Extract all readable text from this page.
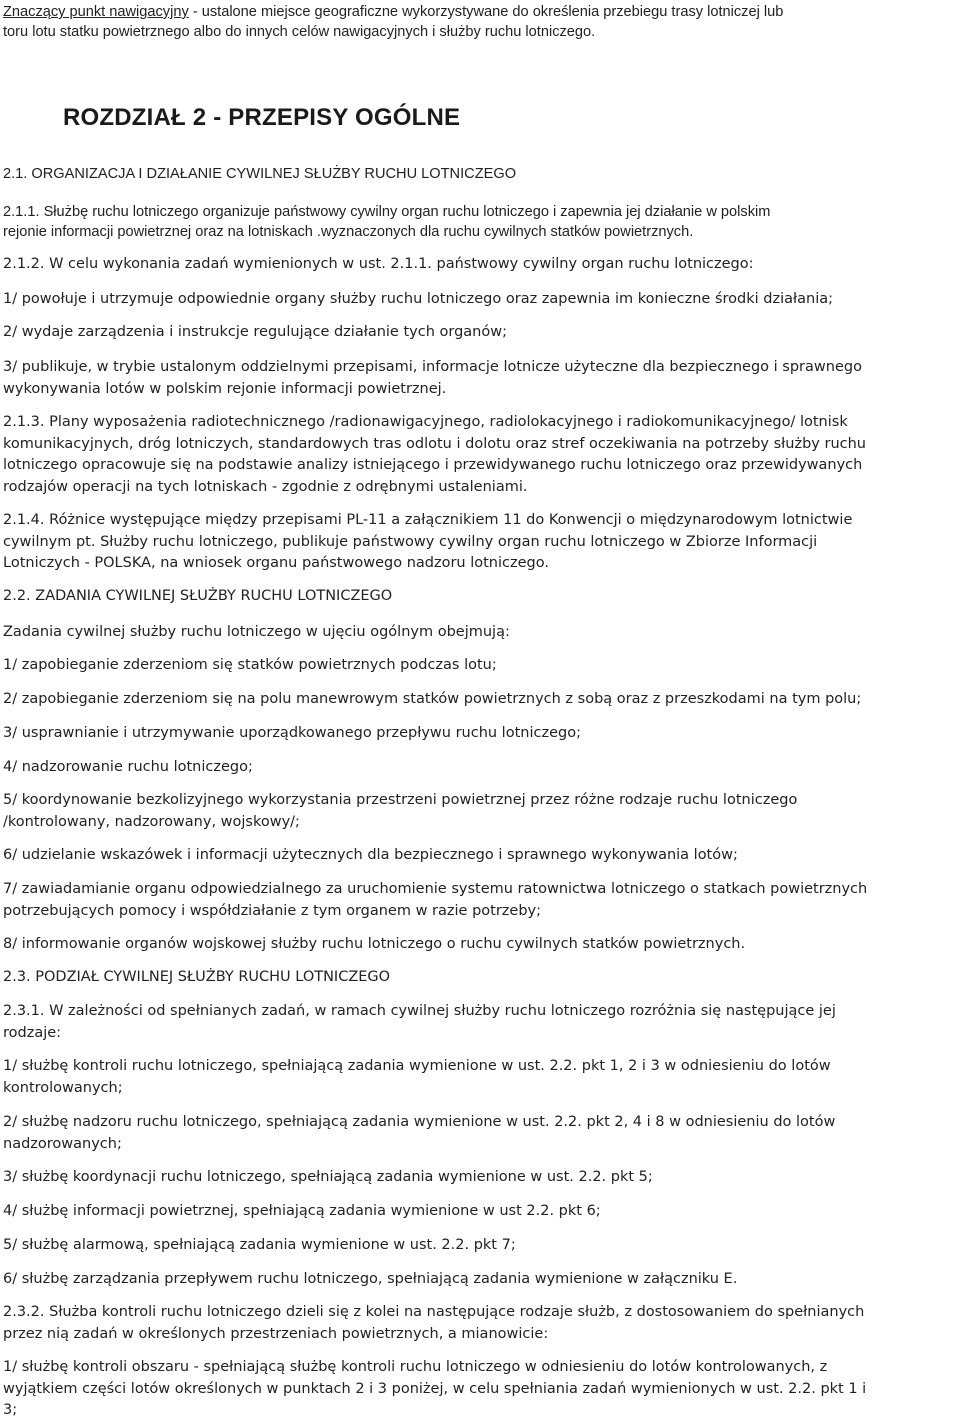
Znaczący punkt nawigacyjny - ustalone miejsce geograficzne wykorzystywane do określenia przebiegu trasy lotniczej lub
toru lotu statku powietrznego albo do innych celów nawigacyjnych i służby ruchu lotniczego.

ROZDZIAŁ 2 - PRZEPISY OGÓLNE

2.1. ORGANIZACJA I DZIAŁANIE CYWILNEJ SŁUŻBY RUCHU LOTNICZEGO

2.1.1. Służbę ruchu lotniczego organizuje państwowy cywilny organ ruchu lotniczego i zapewnia jej działanie w polskim
rejonie informacji powietrznej oraz na lotniskach .wyznaczonych dla ruchu cywilnych statków powietrznych.

2.1.2. W celu wykonania zadań wymienionych w ust. 2.1.1. państwowy cywilny organ ruchu lotniczego:

1/ powołuje i utrzymuje odpowiednie organy służby ruchu lotniczego oraz zapewnia im konieczne środki działania;

2/ wydaje zarządzenia i instrukcje regulujące działanie tych organów;

3/ publikuje, w trybie ustalonym oddzielnymi przepisami, informacje lotnicze użyteczne dla bezpiecznego i sprawnego
wykonywania lotów w polskim rejonie informacji powietrznej.

2.1.3. Plany wyposażenia radiotechnicznego /radionawigacyjnego, radiolokacyjnego i radiokomunikacyjnego/ lotnisk
komunikacyjnych, dróg lotniczych, standardowych tras odlotu i dolotu oraz stref oczekiwania na potrzeby służby ruchu
lotniczego opracowuje się na podstawie analizy istniejącego i przewidywanego ruchu lotniczego oraz przewidywanych
rodzajów operacji na tych lotniskach - zgodnie z odrębnymi ustaleniami.

2.1.4. Różnice występujące między przepisami PL-11 a załącznikiem 11 do Konwencji o międzynarodowym lotnictwie
cywilnym pt. Służby ruchu lotniczego, publikuje państwowy cywilny organ ruchu lotniczego w Zbiorze Informacji
Lotniczych - POLSKA, na wniosek organu państwowego nadzoru lotniczego.

2.2. ZADANIA CYWILNEJ SŁUŻBY RUCHU LOTNICZEGO

Zadania cywilnej służby ruchu lotniczego w ujęciu ogólnym obejmują:

1/ zapobieganie zderzeniom się statków powietrznych podczas lotu;

2/ zapobieganie zderzeniom się na polu manewrowym statków powietrznych z sobą oraz z przeszkodami na tym polu;

3/ usprawnianie i utrzymywanie uporządkowanego przepływu ruchu lotniczego;

4/ nadzorowanie ruchu lotniczego;

5/ koordynowanie bezkolizyjnego wykorzystania przestrzeni powietrznej przez różne rodzaje ruchu lotniczego
/kontrolowany, nadzorowany, wojskowy/;

6/ udzielanie wskazówek i informacji użytecznych dla bezpiecznego i sprawnego wykonywania lotów;

7/ zawiadamianie organu odpowiedzialnego za uruchomienie systemu ratownictwa lotniczego o statkach powietrznych
potrzebujących pomocy i współdziałanie z tym organem w razie potrzeby;

8/ informowanie organów wojskowej służby ruchu lotniczego o ruchu cywilnych statków powietrznych.

2.3. PODZIAŁ CYWILNEJ SŁUŻBY RUCHU LOTNICZEGO

2.3.1. W zależności od spełnianych zadań, w ramach cywilnej służby ruchu lotniczego rozróżnia się następujące jej
rodzaje:

1/ służbę kontroli ruchu lotniczego, spełniającą zadania wymienione w ust. 2.2. pkt 1, 2 i 3 w odniesieniu do lotów
kontrolowanych;

2/ służbę nadzoru ruchu lotniczego, spełniającą zadania wymienione w ust. 2.2. pkt 2, 4 i 8 w odniesieniu do lotów
nadzorowanych;

3/ służbę koordynacji ruchu lotniczego, spełniającą zadania wymienione w ust. 2.2. pkt 5;

4/ służbę informacji powietrznej, spełniającą zadania wymienione w ust 2.2. pkt 6;

5/ służbę alarmową, spełniającą zadania wymienione w ust. 2.2. pkt 7;

6/ służbę zarządzania przepływem ruchu lotniczego, spełniającą zadania wymienione w załączniku E.

2.3.2. Służba kontroli ruchu lotniczego dzieli się z kolei na następujące rodzaje służb, z dostosowaniem do spełnianych
przez nią zadań w określonych przestrzeniach powietrznych, a mianowicie:

1/ służbę kontroli obszaru - spełniającą służbę kontroli ruchu lotniczego w odniesieniu do lotów kontrolowanych, z
wyjątkiem części lotów określonych w punktach 2 i 3 poniżej, w celu spełniania zadań wymienionych w ust. 2.2. pkt 1 i
3;
